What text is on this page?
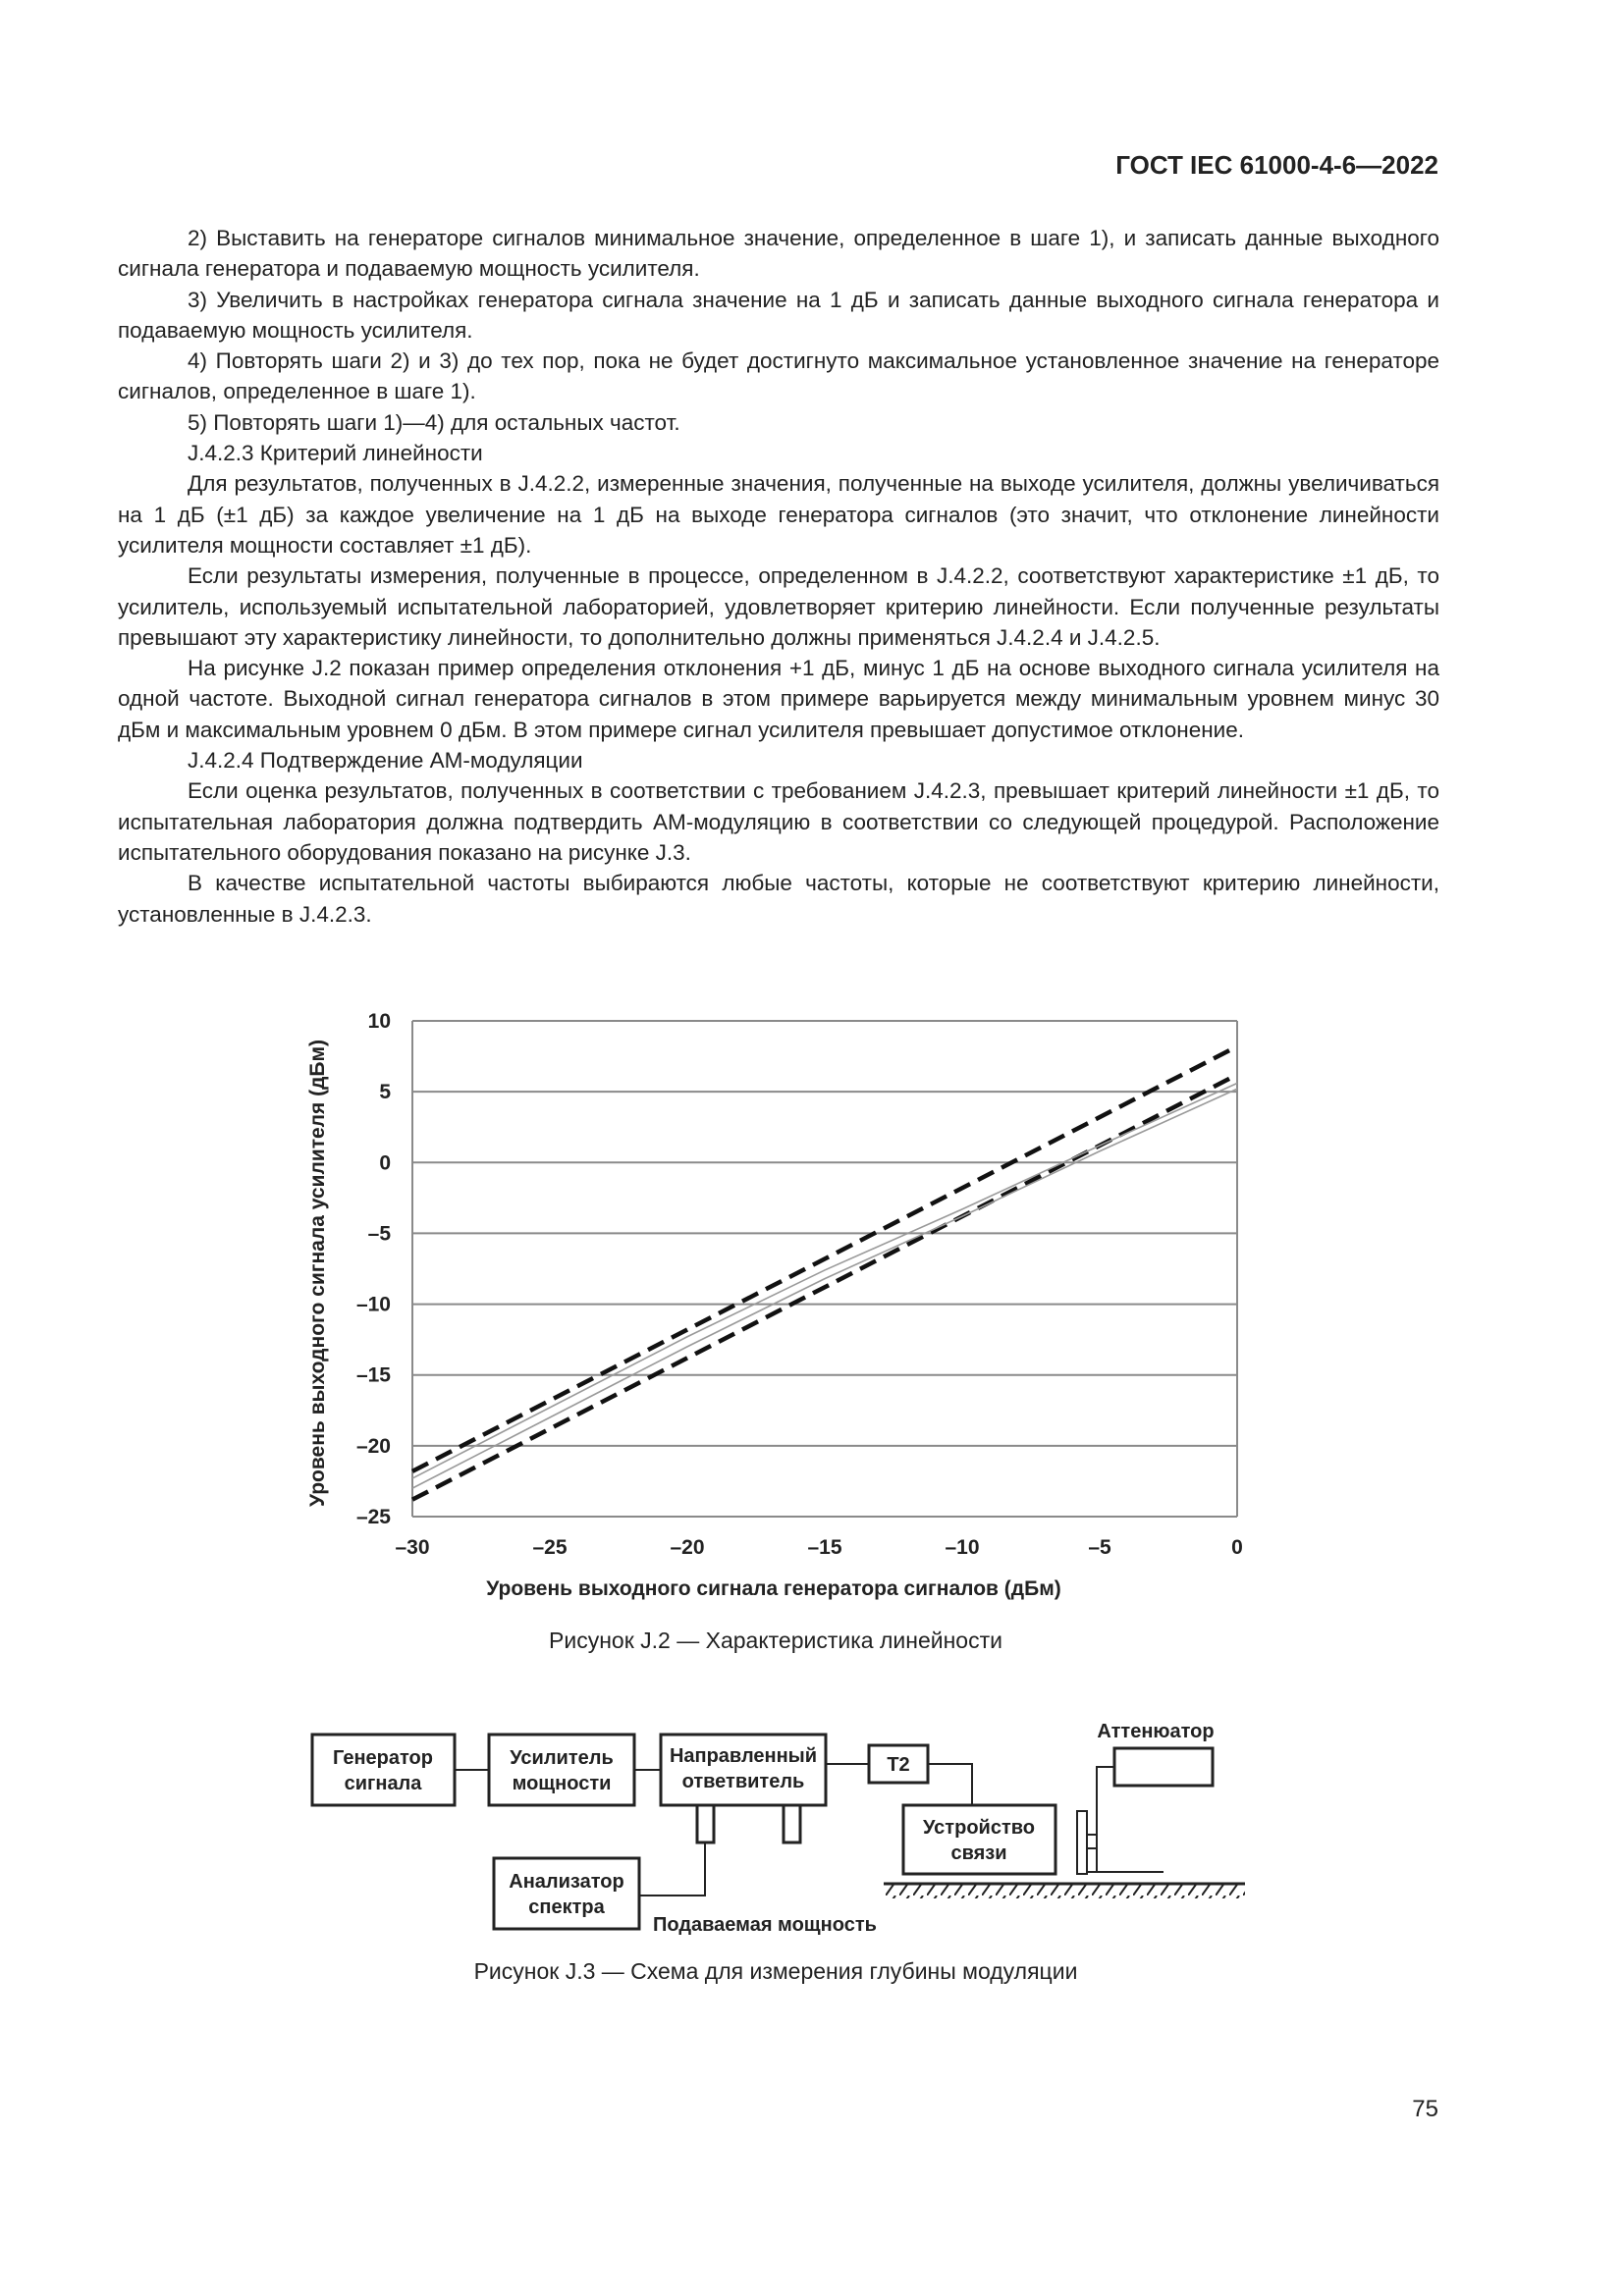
ГОСТ IEC 61000-4-6—2022

2) Выставить на генераторе сигналов минимальное значение, определенное в шаге 1), и записать данные выходного сигнала генератора и подаваемую мощность усилителя.

3) Увеличить в настройках генератора сигнала значение на 1 дБ и записать данные выходного сигнала генератора и подаваемую мощность усилителя.

4) Повторять шаги 2) и 3) до тех пор, пока не будет достигнуто максимальное установленное значение на генераторе сигналов, определенное в шаге 1).

5) Повторять шаги 1)—4) для остальных частот.

J.4.2.3 Критерий линейности

Для результатов, полученных в J.4.2.2, измеренные значения, полученные на выходе усилителя, должны увеличиваться на 1 дБ (±1 дБ) за каждое увеличение на 1 дБ на выходе генератора сигналов (это значит, что отклонение линейности усилителя мощности составляет ±1 дБ).

Если результаты измерения, полученные в процессе, определенном в J.4.2.2, соответствуют характеристике ±1 дБ, то усилитель, используемый испытательной лабораторией, удовлетворяет критерию линейности. Если полученные результаты превышают эту характеристику линейности, то дополнительно должны применяться J.4.2.4 и J.4.2.5.

На рисунке J.2 показан пример определения отклонения +1 дБ, минус 1 дБ на основе выходного сигнала усилителя на одной частоте. Выходной сигнал генератора сигналов в этом примере варьируется между минимальным уровнем минус 30 дБм и максимальным уровнем 0 дБм. В этом примере сигнал усилителя превышает допустимое отклонение.

J.4.2.4 Подтверждение АМ-модуляции

Если оценка результатов, полученных в соответствии с требованием J.4.2.3, превышает критерий линейности ±1 дБ, то испытательная лаборатория должна подтвердить АМ-модуляцию в соответствии со следующей процедурой. Расположение испытательного оборудования показано на рисунке J.3.

В качестве испытательной частоты выбираются любые частоты, которые не соответствуют критерию линейности, установленные в J.4.2.3.

10
5
0
–5
–10
–15
–20
–25
–30	–25	–20	–15	–10	–5	0
Уровень выходного сигнала генератора сигналов (дБм)
Уровень выходного сигнала усилителя (дБм)
Рисунок J.2 — Характеристика линейности
Генератор
сигнала
Усилитель
мощности
Направленный
ответвитель
Т2
Устройство
связи
Анализатор
спектра
Аттенюатор
Подаваемая мощность
Рисунок J.3 — Схема для измерения глубины модуляции
75
